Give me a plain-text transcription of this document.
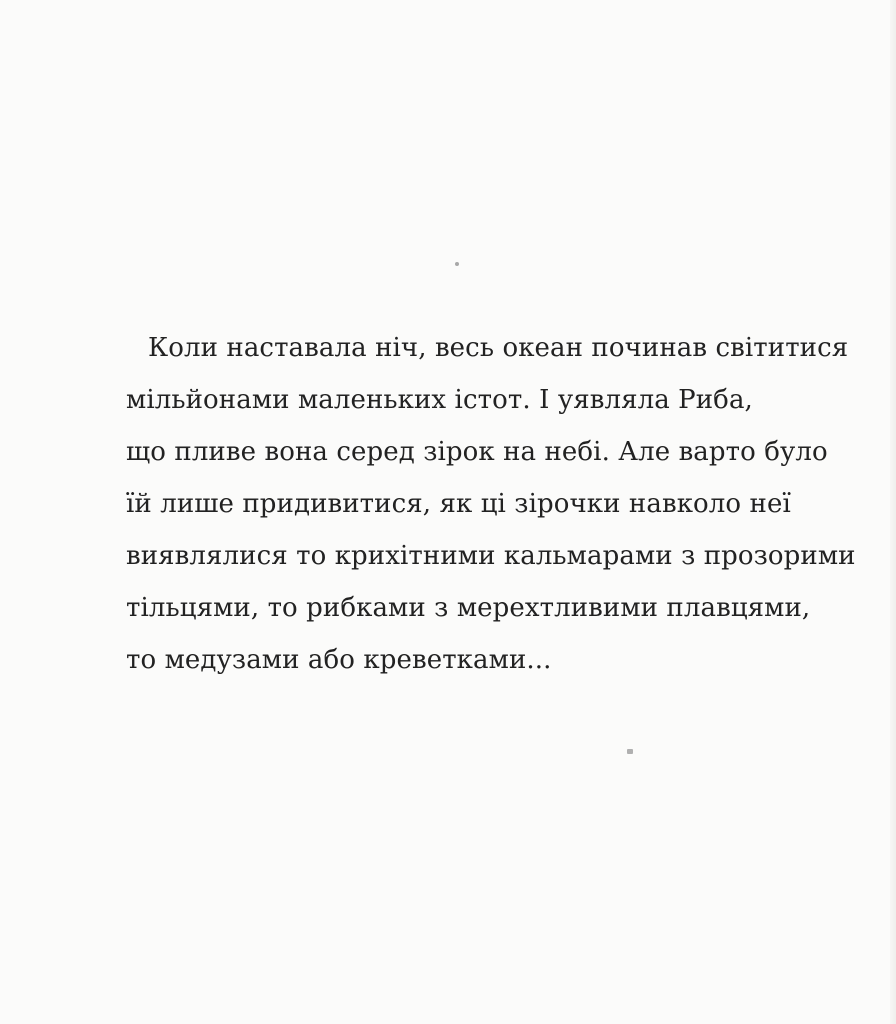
Коли наставала ніч, весь океан починав світитися
мільйонами маленьких істот. І уявляла Риба,
що пливе вона серед зірок на небі. Але варто було
їй лише придивитися, як ці зірочки навколо неї
виявлялися то крихітними кальмарами з прозорими
тільцями, то рибками з мерехтливими плавцями,
то медузами або креветками...
